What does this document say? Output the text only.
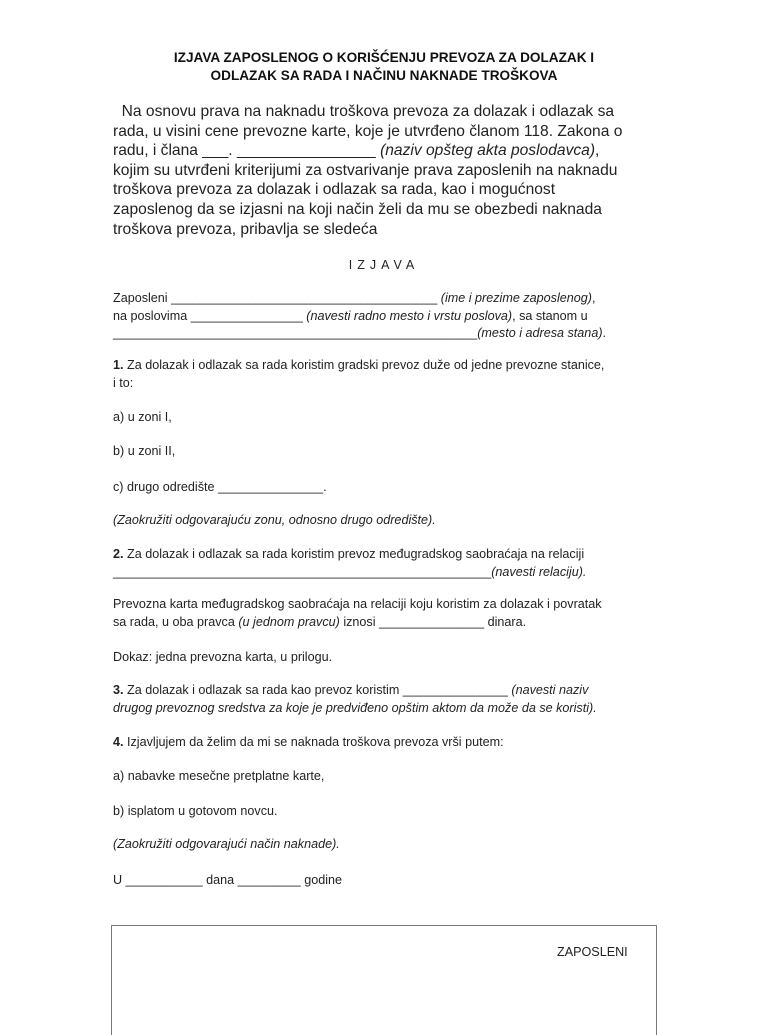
IZJAVA ZAPOSLENOG O KORIŠĆENJU PREVOZA ZA DOLAZAK I
ODLAZAK SA RADA I NAČINU NAKNADE TROŠKOVA
Na osnovu prava na naknadu troškova prevoza za dolazak i odlazak sa
rada, u visini cene prevozne karte, koje je utvrđeno članom 118. Zakona o
radu, i člana ___. ________________ (naziv opšteg akta poslodavca),
kojim su utvrđeni kriterijumi za ostvarivanje prava zaposlenih na naknadu
troškova prevoza za dolazak i odlazak sa rada, kao i mogućnost
zaposlenog da se izjasni na koji način želi da mu se obezbedi naknada
troškova prevoza, pribavlja se sledeća
IZJAVA
Zaposleni ______________________________________ (ime i prezime zaposlenog),
na poslovima ________________ (navesti radno mesto i vrstu poslova), sa stanom u
____________________________________________________(mesto i adresa stana).
1. Za dolazak i odlazak sa rada koristim gradski prevoz duže od jedne prevozne stanice,
i to:
a) u zoni I,
b) u zoni II,
c) drugo odredište _______________.
(Zaokružiti odgovarajuću zonu, odnosno drugo odredište).
2. Za dolazak i odlazak sa rada koristim prevoz međugradskog saobraćaja na relaciji
______________________________________________________(navesti relaciju).
Prevozna karta međugradskog saobraćaja na relaciji koju koristim za dolazak i povratak
sa rada, u oba pravca (u jednom pravcu) iznosi _______________ dinara.
Dokaz: jedna prevozna karta, u prilogu.
3. Za dolazak i odlazak sa rada kao prevoz koristim _______________ (navesti naziv
drugog prevoznog sredstva za koje je predviđeno opštim aktom da može da se koristi).
4. Izjavljujem da želim da mi se naknada troškova prevoza vrši putem:
a) nabavke mesečne pretplatne karte,
b) isplatom u gotovom novcu.
(Zaokružiti odgovarajući način naknade).
U ___________ dana _________ godine
ZAPOSLENI
